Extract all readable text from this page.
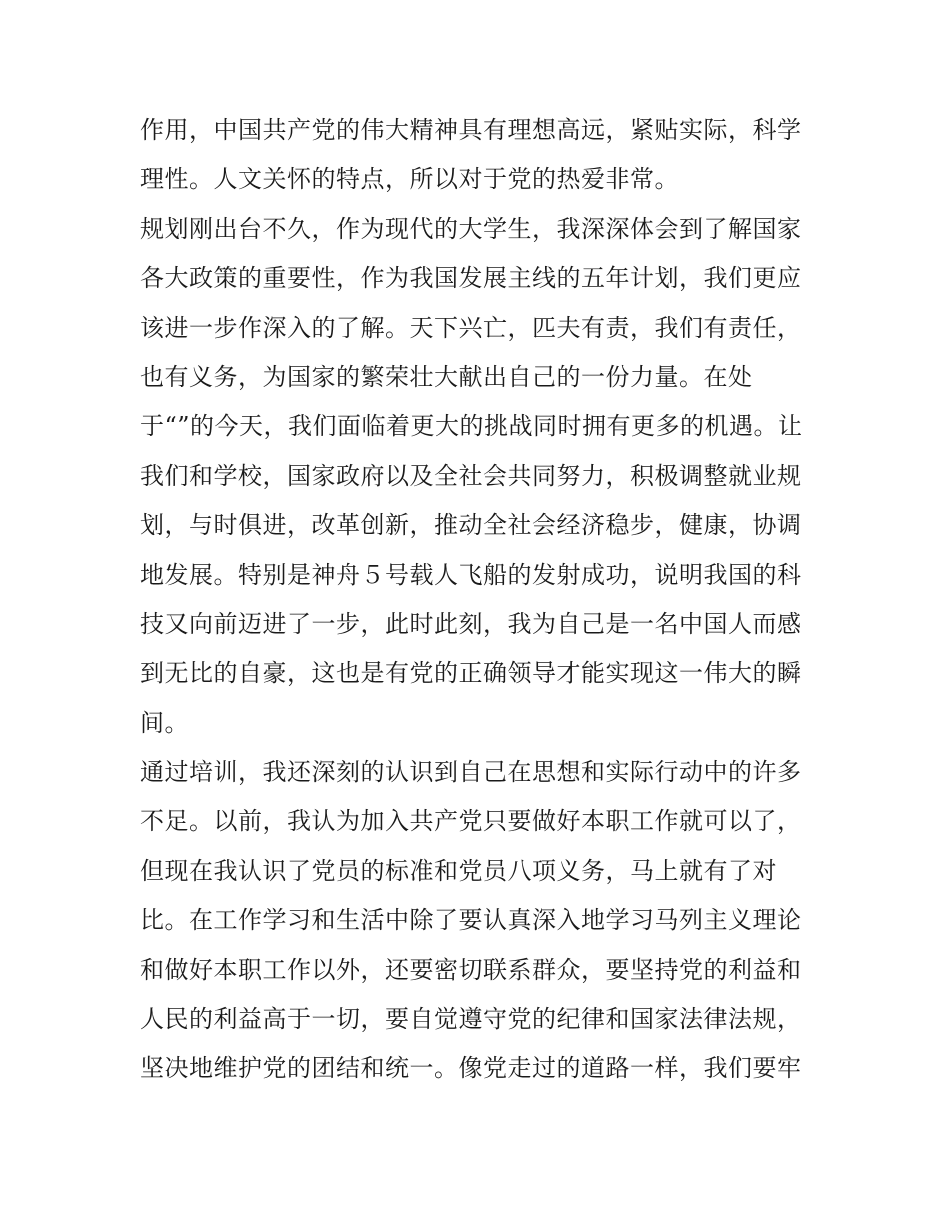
作用，中国共产党的伟大精神具有理想高远，紧贴实际，科学
理性。人文关怀的特点，所以对于党的热爱非常。
规划刚出台不久，作为现代的大学生，我深深体会到了解国家
各大政策的重要性，作为我国发展主线的五年计划，我们更应
该进一步作深入的了解。天下兴亡，匹夫有责，我们有责任，
也有义务，为国家的繁荣壮大献出自己的一份力量。在处
于“”的今天，我们面临着更大的挑战同时拥有更多的机遇。让
我们和学校，国家政府以及全社会共同努力，积极调整就业规
划，与时俱进，改革创新，推动全社会经济稳步，健康，协调
地发展。特别是神舟５号载人飞船的发射成功，说明我国的科
技又向前迈进了一步，此时此刻，我为自己是一名中国人而感
到无比的自豪，这也是有党的正确领导才能实现这一伟大的瞬
间。
通过培训，我还深刻的认识到自己在思想和实际行动中的许多
不足。以前，我认为加入共产党只要做好本职工作就可以了，
但现在我认识了党员的标准和党员八项义务，马上就有了对
比。在工作学习和生活中除了要认真深入地学习马列主义理论
和做好本职工作以外，还要密切联系群众，要坚持党的利益和
人民的利益高于一切，要自觉遵守党的纪律和国家法律法规，
坚决地维护党的团结和统一。像党走过的道路一样，我们要牢
